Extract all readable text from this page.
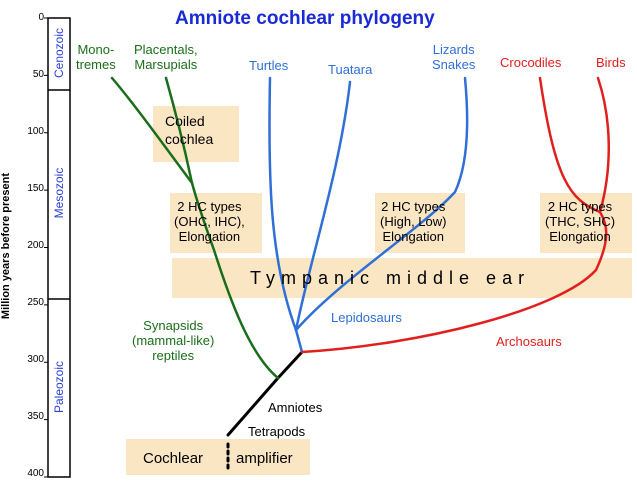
0
50
100
150
200
250
300
350
400
Cenozoic
Mesozoic
Paleozoic
Million years before present
Amniote cochlear phylogeny
Mono-
tremes
Placentals,
Marsupials	Turtles	Tuatara
Lizards
Snakes Crocodiles	Birds
Coiled
cochlea
2 HC types
(OHC, IHC),
Elongation
2 HC types
(High, Low)
Elongation
2 HC types
(THC, SHC)
Elongation
Tympanic middle ear
Cochlear amplifier
Lepidosaurs
Archosaurs
Synapsids
(mammal-like)
reptiles
Amniotes
Tetrapods
